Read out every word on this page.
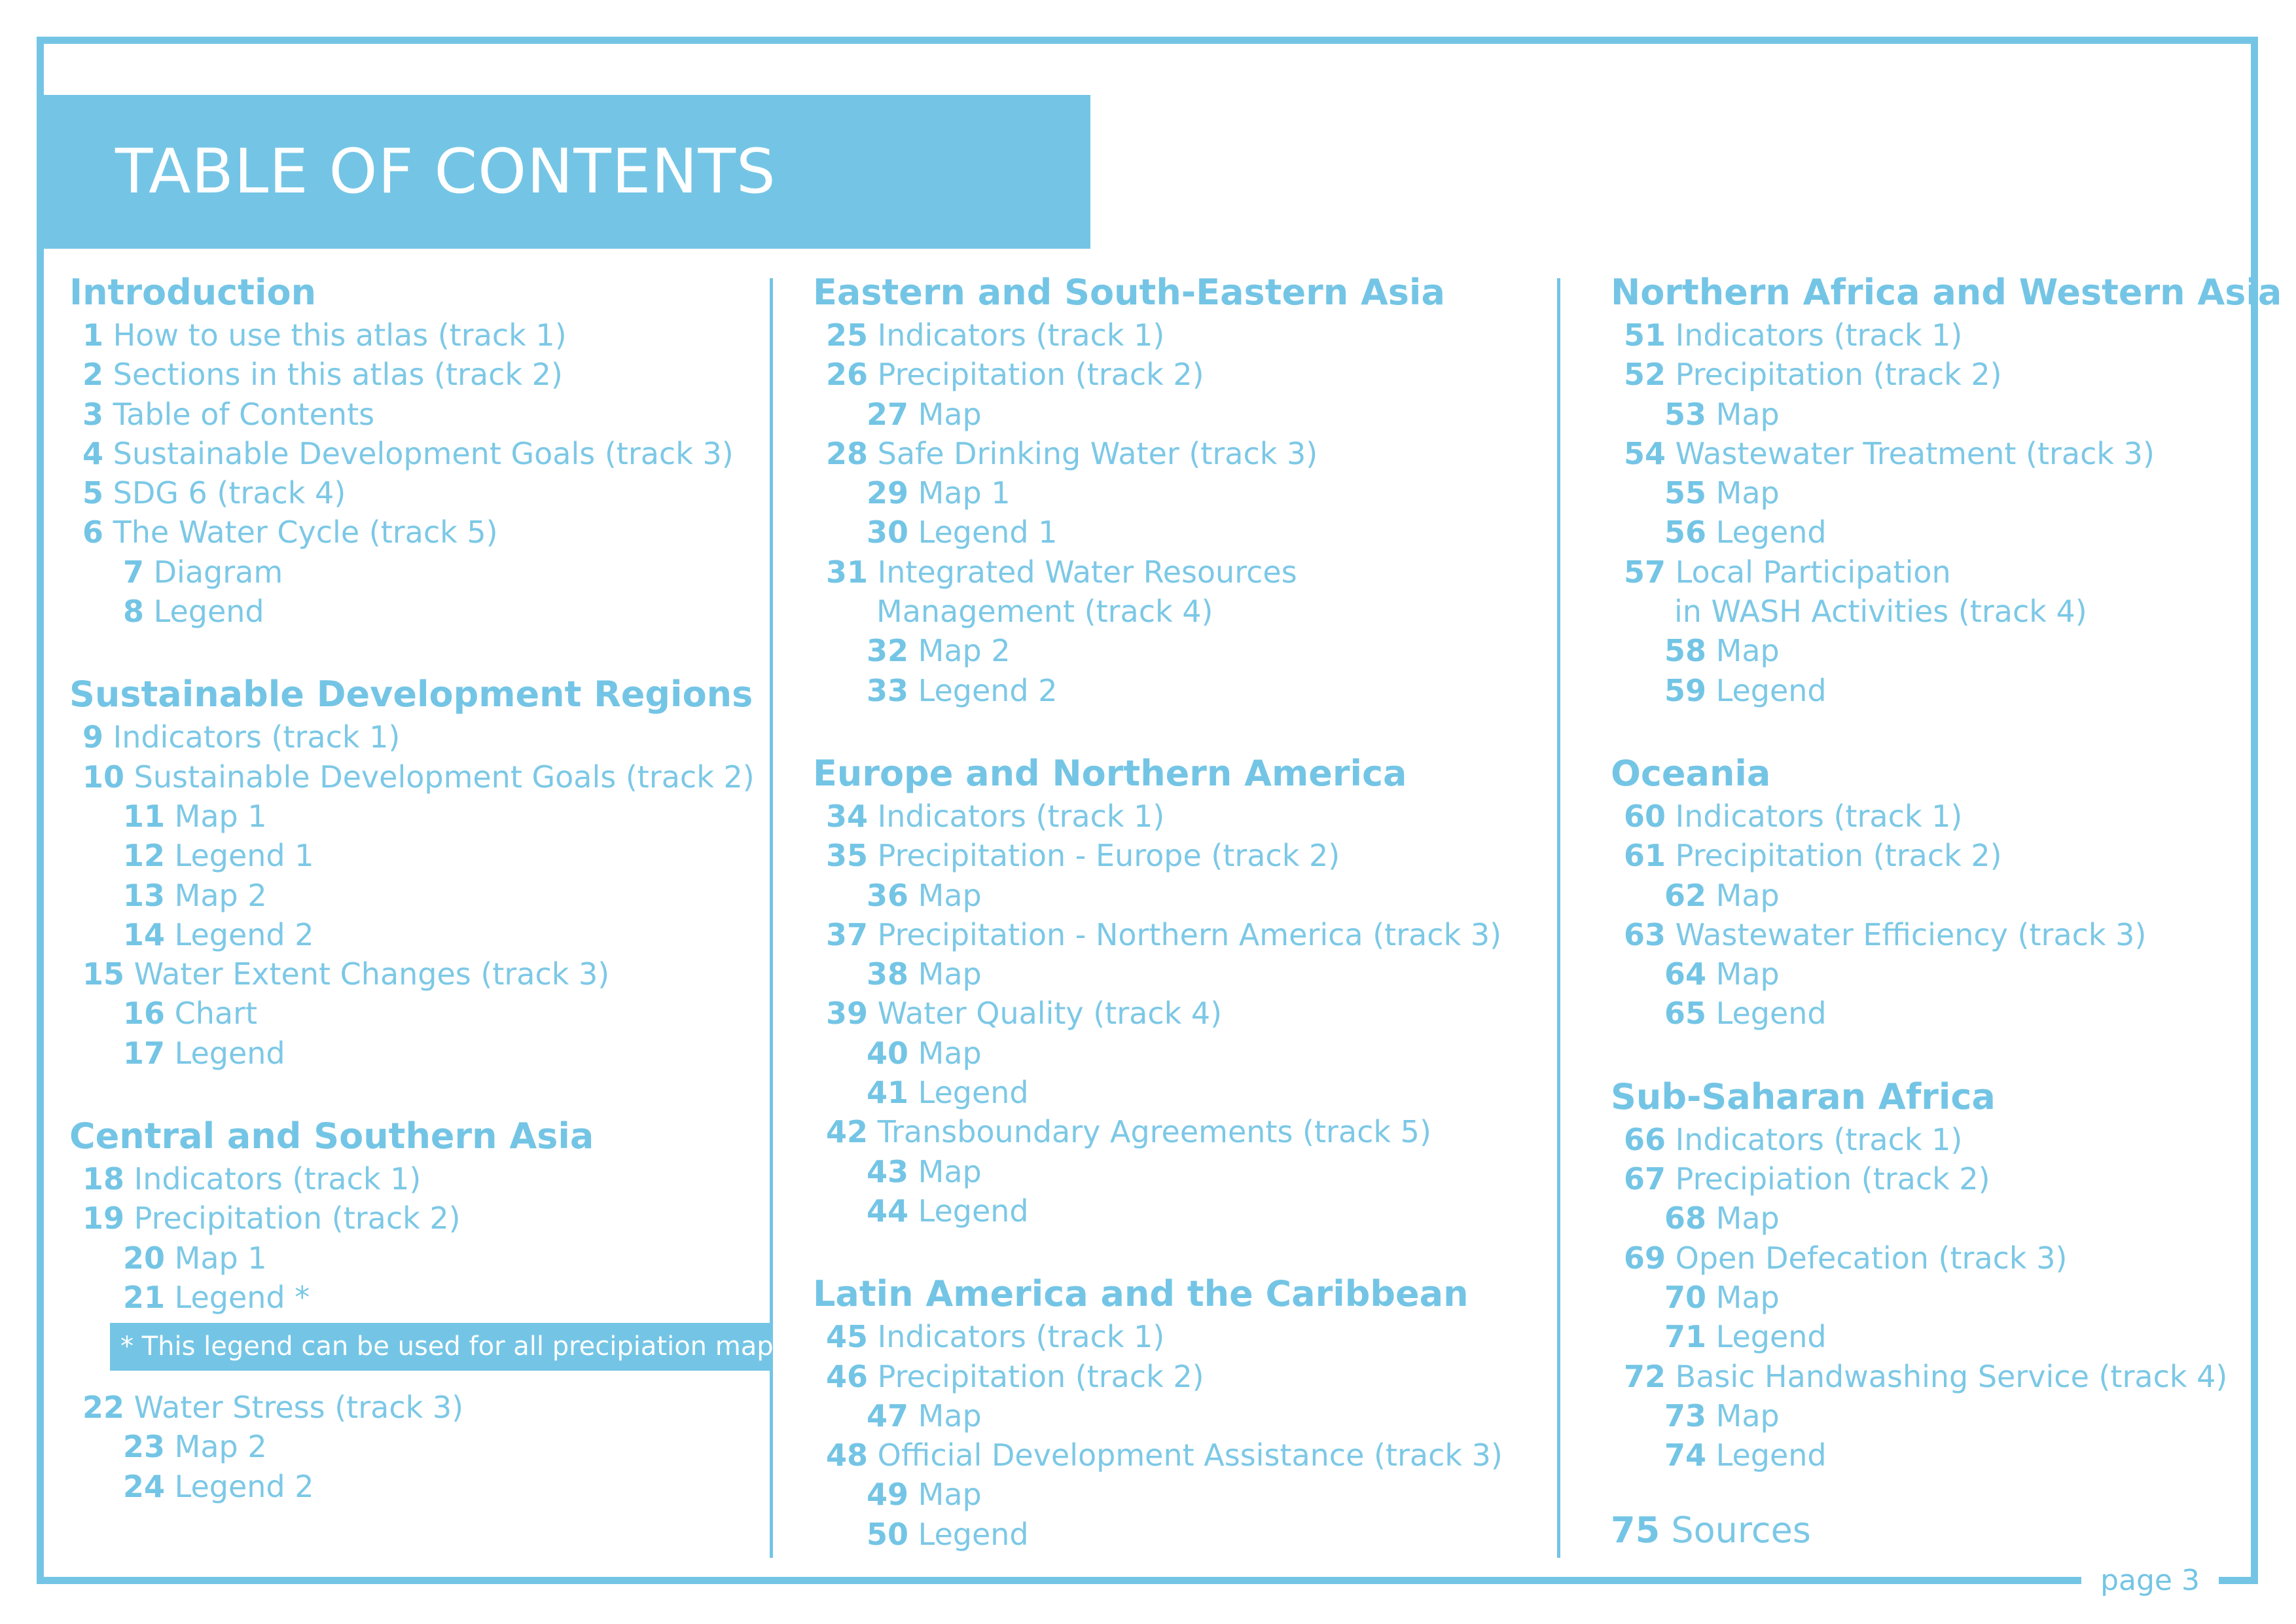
page 3
TABLE OF CONTENTS
Introduction
1 How to use this atlas (track 1)
2 Sections in this atlas (track 2)
3 Table of Contents
4 Sustainable Development Goals (track 3)
5 SDG 6 (track 4)
6 The Water Cycle (track 5)
7 Diagram
8 Legend
Sustainable Development Regions
9 Indicators (track 1)
10 Sustainable Development Goals (track 2)
11 Map 1
12 Legend 1
13 Map 2
14 Legend 2
15 Water Extent Changes (track 3)
16 Chart
17 Legend
Central and Southern Asia
18 Indicators (track 1)
19 Precipitation (track 2)
20 Map 1
21 Legend *
Eastern and South-Eastern Asia
25 Indicators (track 1)
26 Precipitation (track 2)
27 Map
28 Safe Drinking Water (track 3)
29 Map 1
30 Legend 1
31 Integrated Water Resources
Management (track 4)
32 Map 2
33 Legend 2
Europe and Northern America
34 Indicators (track 1)
35 Precipitation - Europe (track 2)
36 Map
37 Precipitation - Northern America (track 3)
38 Map
39 Water Quality (track 4)
40 Map
41 Legend
42 Transboundary Agreements (track 5)
43 Map
44 Legend
Latin America and the Caribbean
45 Indicators (track 1)
46 Precipitation (track 2)
47 Map
48 Official Development Assistance (track 3)
49 Map
50 Legend
Northern Africa and Western Asia
51 Indicators (track 1)
52 Precipitation (track 2)
53 Map
54 Wastewater Treatment (track 3)
55 Map
56 Legend
57 Local Participation
in WASH Activities (track 4)
58 Map
59 Legend
Oceania
60 Indicators (track 1)
61 Precipitation (track 2)
62 Map
63 Wastewater Efficiency (track 3)
64 Map
65 Legend
Sub-Saharan Africa
66 Indicators (track 1)
67 Precipiation (track 2)
68 Map
69 Open Defecation (track 3)
70 Map
71 Legend
72 Basic Handwashing Service (track 4)
73 Map
74 Legend
* This legend can be used for all precipiation maps
22 Water Stress (track 3)
23 Map 2
24 Legend 2
75 Sources
